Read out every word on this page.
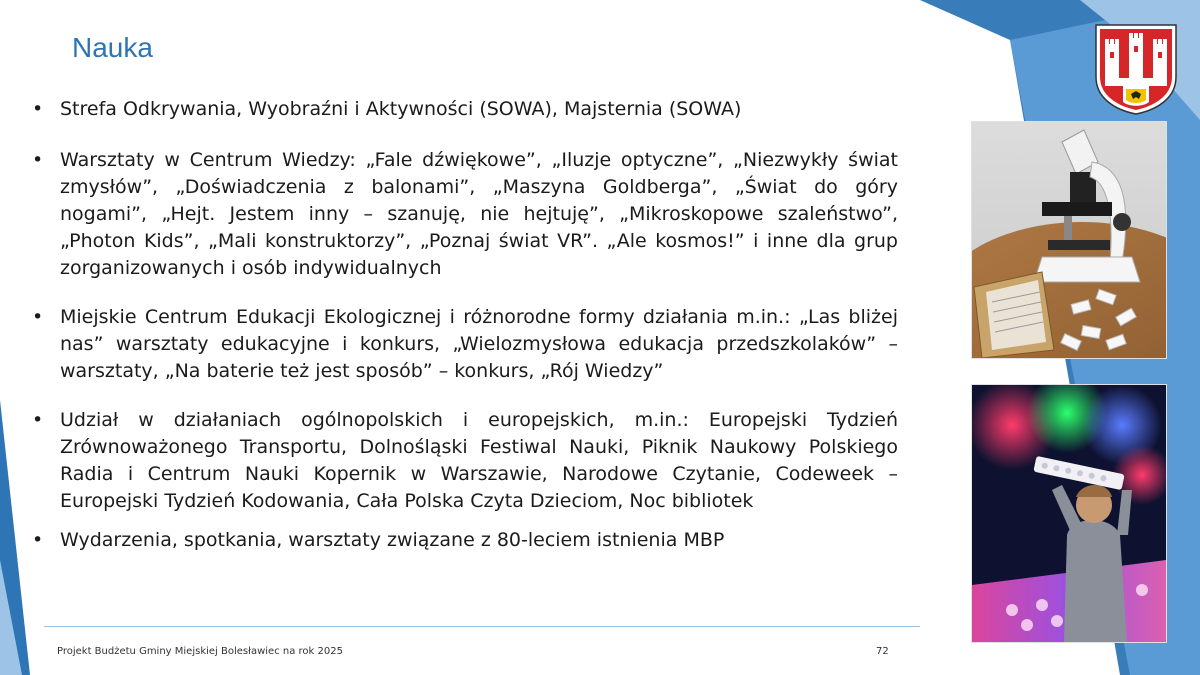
Nauka
• Strefa Odkrywania, Wyobraźni i Aktywności (SOWA), Majsternia (SOWA)
• Warsztaty w Centrum Wiedzy: „Fale dźwiękowe”, „Iluzje optyczne”, „Niezwykły świat zmysłów”, „Doświadczenia z balonami”, „Maszyna Goldberga”, „Świat do góry nogami”, „Hejt. Jestem inny – szanuję, nie hejtuję”, „Mikroskopowe szaleństwo”, „Photon Kids”, „Mali konstruktorzy”, „Poznaj świat VR”. „Ale kosmos!” i inne dla grup zorganizowanych i osób indywidualnych
• Miejskie Centrum Edukacji Ekologicznej i różnorodne formy działania m.in.: „Las bliżej nas” warsztaty edukacyjne i konkurs, „Wielozmysłowa edukacja przedszkolaków” – warsztaty, „Na baterie też jest sposób” – konkurs, „Rój Wiedzy”
• Udział w działaniach ogólnopolskich i europejskich, m.in.: Europejski Tydzień Zrównoważonego Transportu, Dolnośląski Festiwal Nauki, Piknik Naukowy Polskiego Radia i Centrum Nauki Kopernik w Warszawie, Narodowe Czytanie, Codeweek – Europejski Tydzień Kodowania, Cała Polska Czyta Dzieciom, Noc bibliotek
• Wydarzenia, spotkania, warsztaty związane z 80-leciem istnienia MBP
Projekt Budżetu Gminy Miejskiej Bolesławiec na rok 2025	72
